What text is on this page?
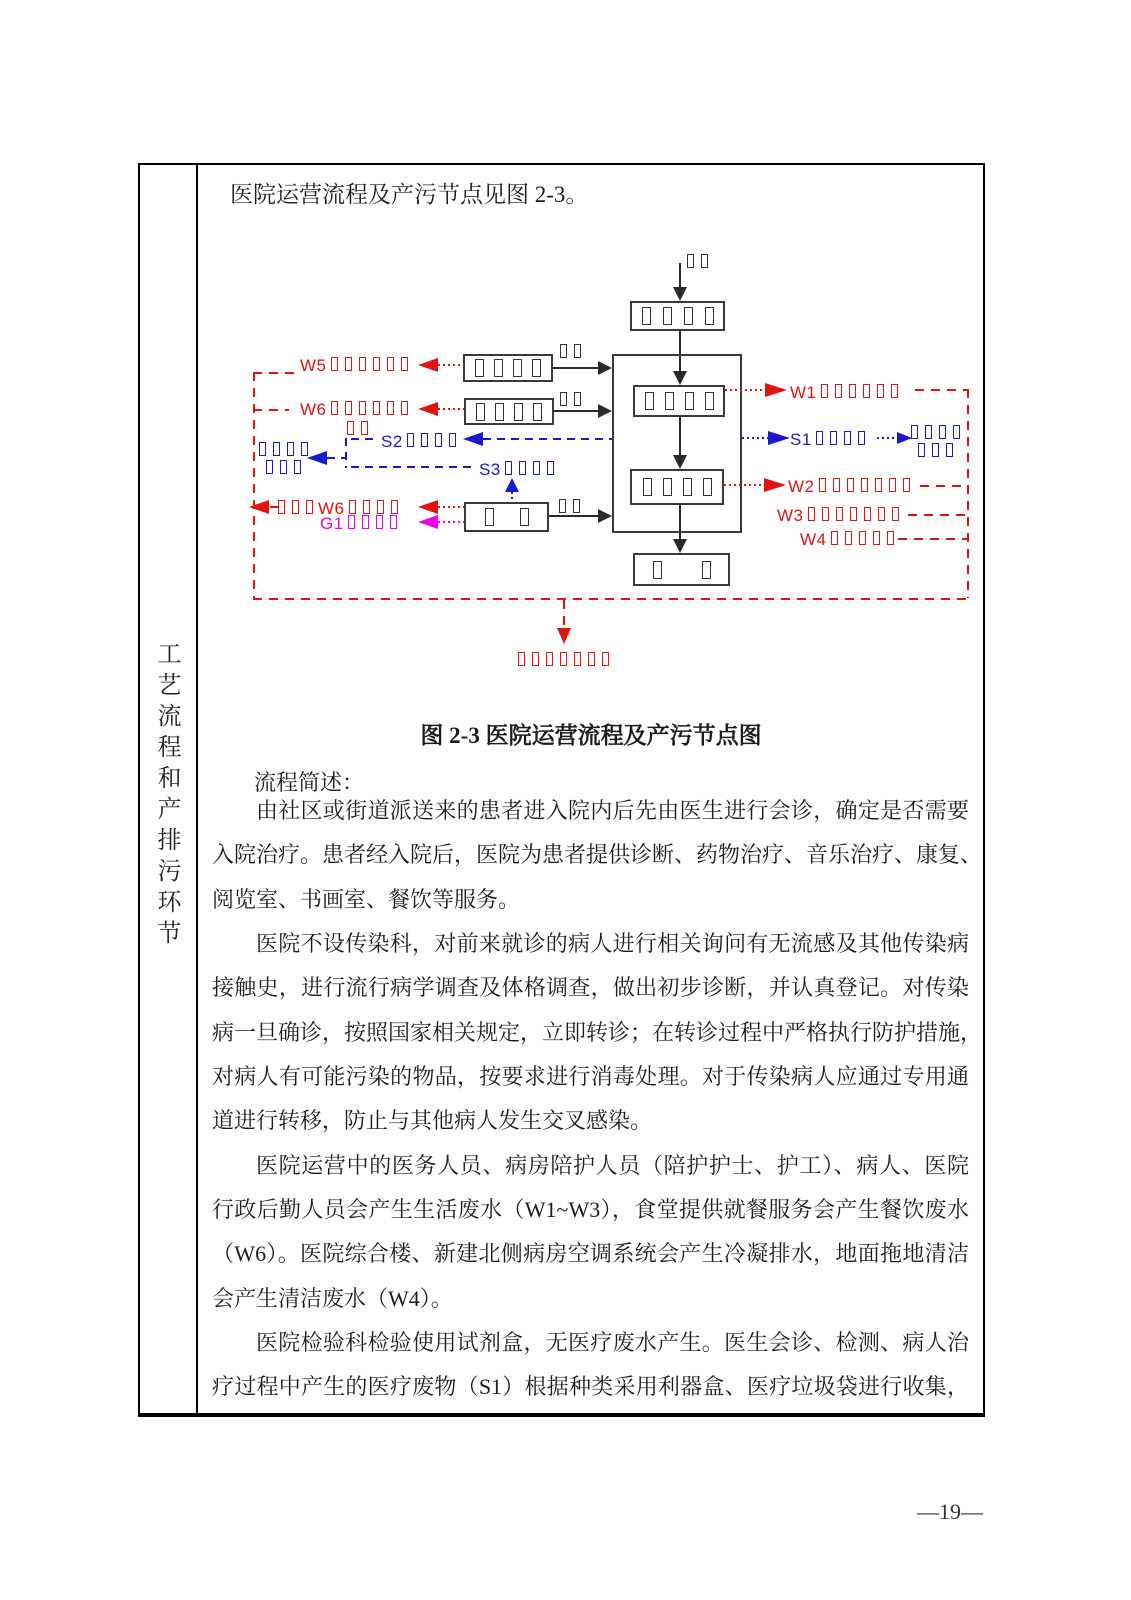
工艺流程和产排污环节
医院运营流程及产污节点见图 2-3。
W5
W6
S2
S3
W6
G1
W1
S1
W2
W3
W4
图 2-3 医院运营流程及产污节点图
流程简述：
由社区或街道派送来的患者进入院内后先由医生进行会诊，确定是否需要
入院治疗。患者经入院后，医院为患者提供诊断、药物治疗、音乐治疗、康复、
阅览室、书画室、餐饮等服务。
医院不设传染科，对前来就诊的病人进行相关询问有无流感及其他传染病
接触史，进行流行病学调查及体格调查，做出初步诊断，并认真登记。对传染
病一旦确诊，按照国家相关规定，立即转诊；在转诊过程中严格执行防护措施，
对病人有可能污染的物品，按要求进行消毒处理。对于传染病人应通过专用通
道进行转移，防止与其他病人发生交叉感染。
医院运营中的医务人员、病房陪护人员（陪护护士、护工）、病人、医院
行政后勤人员会产生生活废水（W1~W3），食堂提供就餐服务会产生餐饮废水
（W6）。医院综合楼、新建北侧病房空调系统会产生冷凝排水，地面拖地清洁
会产生清洁废水（W4）。
医院检验科检验使用试剂盒，无医疗废水产生。医生会诊、检测、病人治
疗过程中产生的医疗废物（S1）根据种类采用利器盒、医疗垃圾袋进行收集，
—19—
